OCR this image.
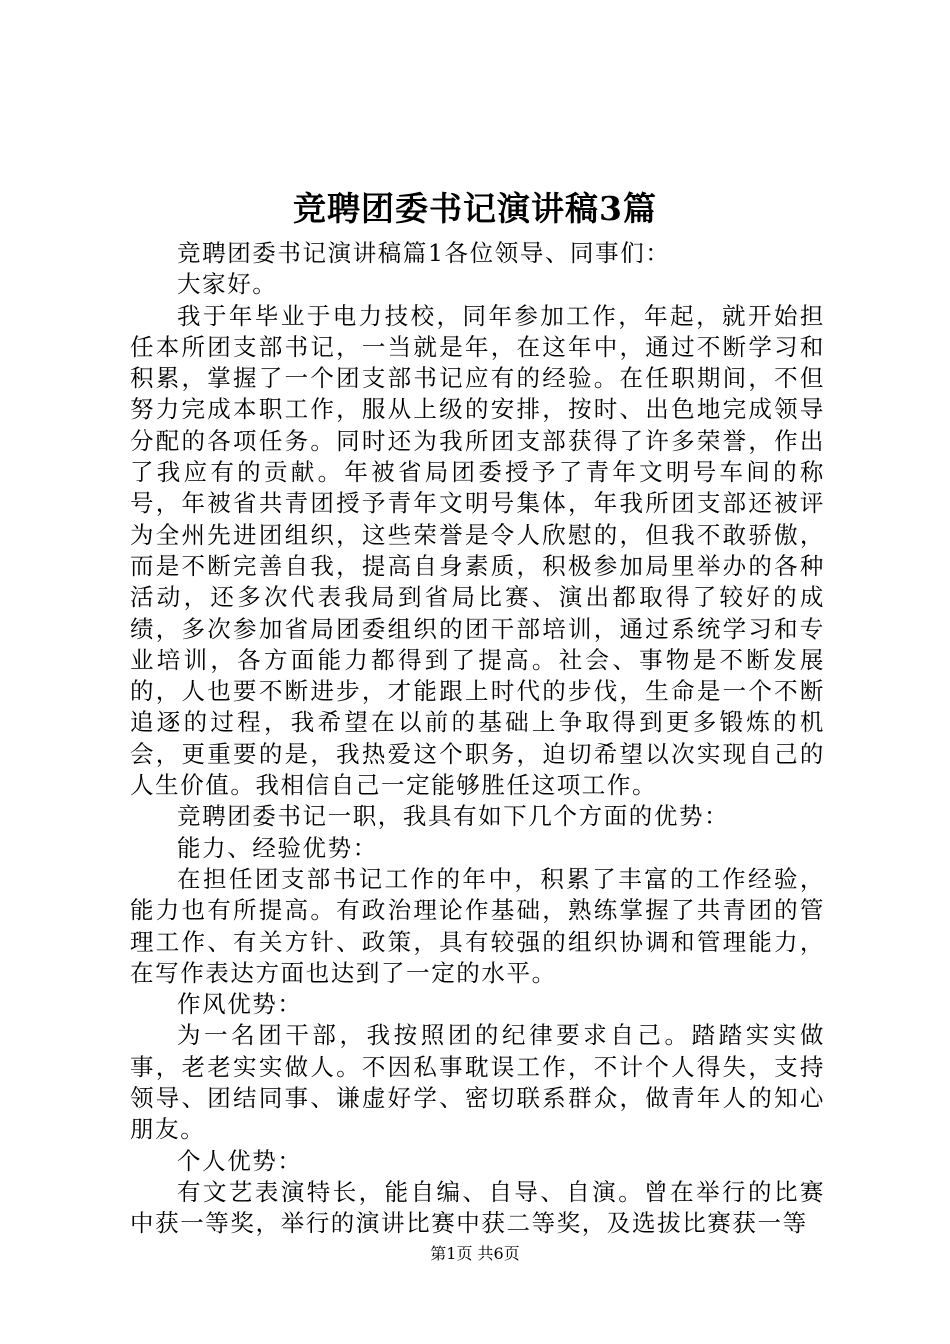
竞聘团委书记演讲稿3篇

竞聘团委书记演讲稿篇1各位领导、同事们：

大家好。

我于年毕业于电力技校，同年参加工作，年起，就开始担任本所团支部书记，一当就是年，在这年中，通过不断学习和积累，掌握了一个团支部书记应有的经验。在任职期间，不但努力完成本职工作，服从上级的安排，按时、出色地完成领导分配的各项任务。同时还为我所团支部获得了许多荣誉，作出了我应有的贡献。年被省局团委授予了青年文明号车间的称号，年被省共青团授予青年文明号集体，年我所团支部还被评为全州先进团组织，这些荣誉是令人欣慰的，但我不敢骄傲，而是不断完善自我，提高自身素质，积极参加局里举办的各种活动，还多次代表我局到省局比赛、演出都取得了较好的成绩，多次参加省局团委组织的团干部培训，通过系统学习和专业培训，各方面能力都得到了提高。社会、事物是不断发展的，人也要不断进步，才能跟上时代的步伐，生命是一个不断追逐的过程，我希望在以前的基础上争取得到更多锻炼的机会，更重要的是，我热爱这个职务，迫切希望以次实现自己的人生价值。我相信自己一定能够胜任这项工作。

竞聘团委书记一职，我具有如下几个方面的优势：

能力、经验优势：

在担任团支部书记工作的年中，积累了丰富的工作经验，能力也有所提高。有政治理论作基础，熟练掌握了共青团的管理工作、有关方针、政策，具有较强的组织协调和管理能力，在写作表达方面也达到了一定的水平。

作风优势：

为一名团干部，我按照团的纪律要求自己。踏踏实实做事，老老实实做人。不因私事耽误工作，不计个人得失，支持领导、团结同事、谦虚好学、密切联系群众，做青年人的知心朋友。

个人优势：

有文艺表演特长，能自编、自导、自演。曾在举行的比赛中获一等奖，举行的演讲比赛中获二等奖，及选拔比赛获一等

第1页 共6页
